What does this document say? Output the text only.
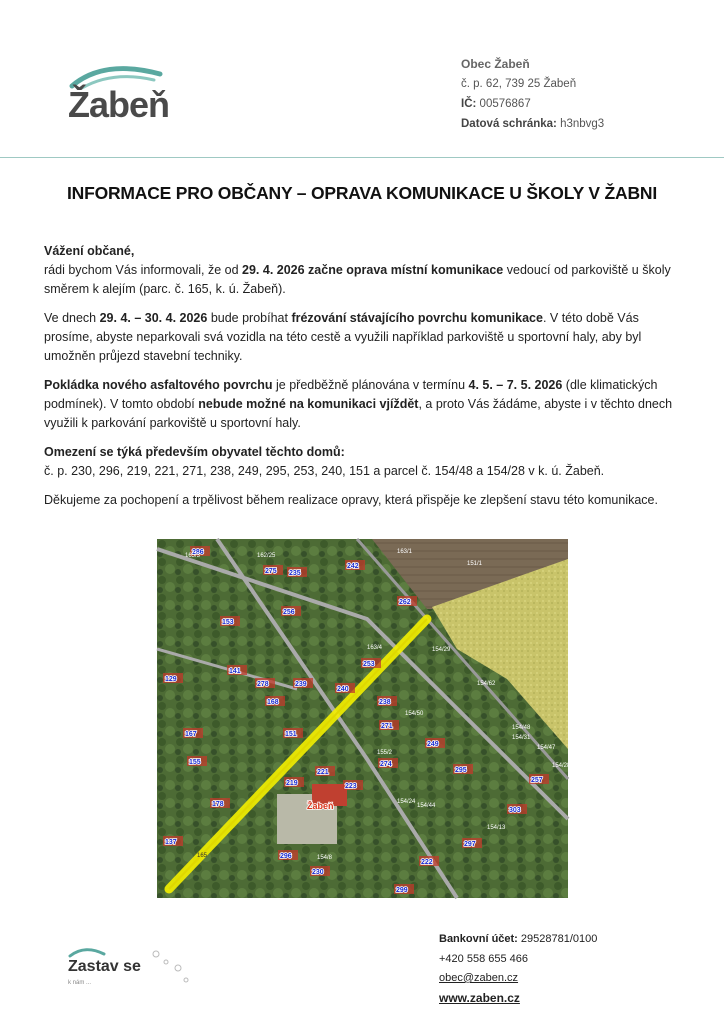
Žabeň
Obec Žabeň
č. p. 62, 739 25 Žabeň
IČ: 00576867
Datová schránka: h3nbvg3
INFORMACE PRO OBČANY – OPRAVA KOMUNIKACE U ŠKOLY V ŽABNI

Vážení občané,
rádi bychom Vás informovali, že od 29. 4. 2026 začne oprava místní komunikace vedoucí od parkoviště u školy směrem k alejím (parc. č. 165, k. ú. Žabeň).

Ve dnech 29. 4. – 30. 4. 2026 bude probíhat frézování stávajícího povrchu komunikace. V této době Vás prosíme, abyste neparkovali svá vozidla na této cestě a využili například parkoviště u sportovní haly, aby byl umožněn průjezd stavební techniky.

Pokládka nového asfaltového povrchu je předběžně plánována v termínu 4. 5. – 7. 5. 2026 (dle klimatických podmínek). V tomto období nebude možné na komunikaci vjíždět, a proto Vás žádáme, abyste i v těchto dnech využili k parkování parkoviště u sportovní haly.

Omezení se týká především obyvatel těchto domů:
č. p. 230, 296, 219, 221, 271, 238, 249, 295, 253, 240, 151 a parcel č. 154/48 a 154/28 v k. ú. Žabeň.

Děkujeme za pochopení a trpělivost během realizace opravy, která přispěje ke zlepšení stavu této komunikace.

286
275 235
242
262
256
153
238
253
240
239
129
278
168
151
167
155
219
221
271
249
274
295
223
257
178
137
303
296
230
222
299
297
141
165/3	162/25
163/1
151/1
154/29
154/62
154/50
154/31
154/47
154/28
154/48
163/4
155/2
154/44
154/13
154/8
154/24
Žabeň
165
Zastav se
k nám ...
Bankovní účet: 29528781/0100
+420 558 655 466
obec@zaben.cz
www.zaben.cz
